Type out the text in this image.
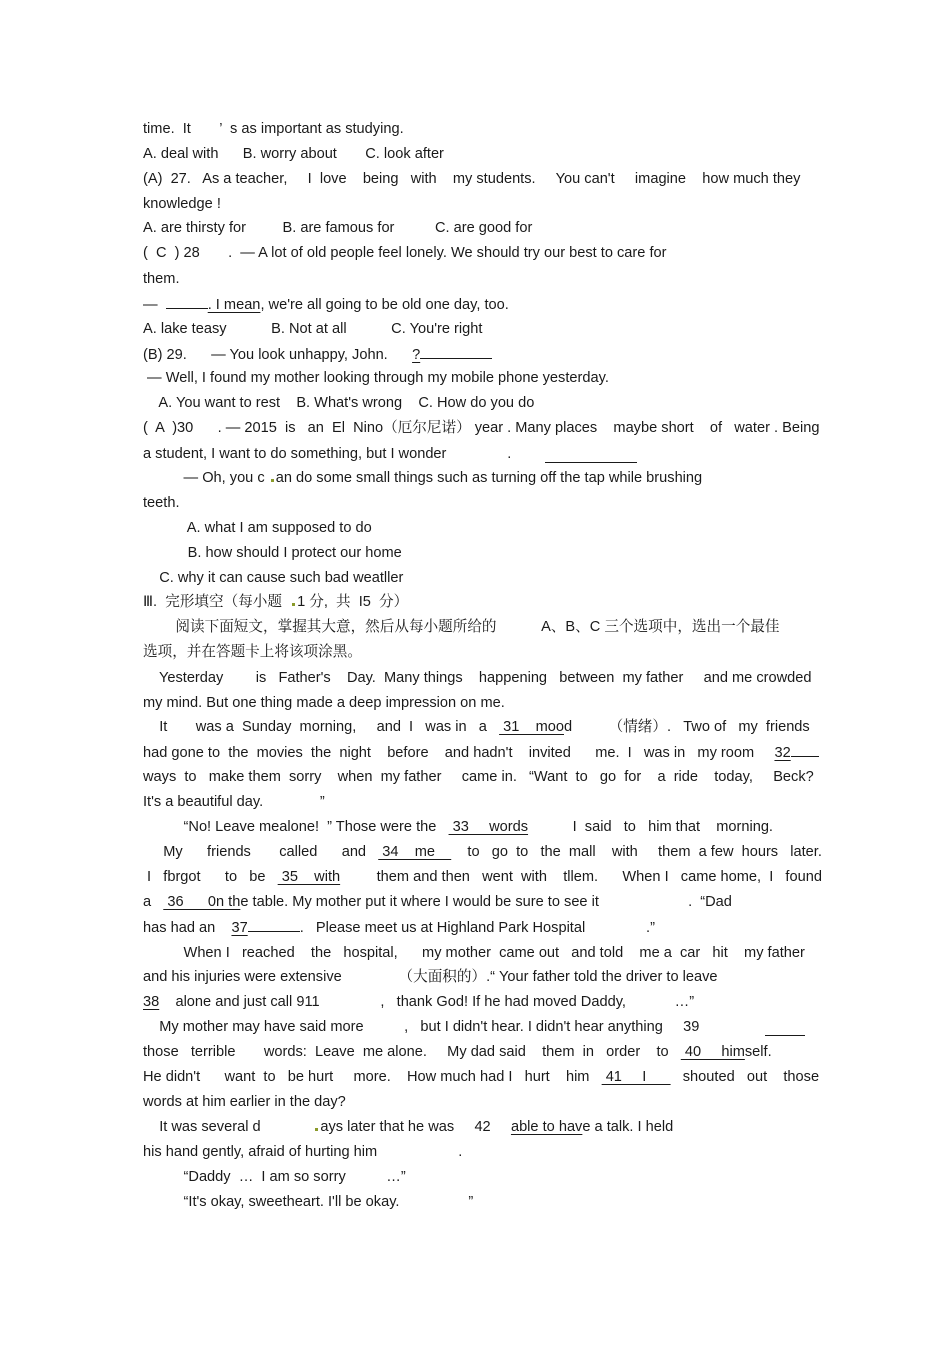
time.  It       ’  s as important as studying.
A. deal with      B. worry about       C. look after
(A)  27.   As a teacher,     I  love    being   with    my students.     You can't     imagine    how much they
knowledge !
A. are thirsty for         B. are famous for          C. are good for
(  C  ) 28       .  — A lot of old people feel lonely. We should try our best to care for
them.
—	. I mean, we're all going to be old one day, too.
A. lake teasy           B. Not at all           C. You're right
(B) 29.      — You look unhappy, John.      ?
— Well, I found my mother looking through my mobile phone yesterday.
A. You want to rest    B. What's wrong    C. How do you do
(  A  )30      . — 2015  is   an  El  Nino（厄尔尼诺） year . Many places    maybe short    of   water . Being
a student, I want to do something, but I wonder               .
— Oh, you c an do some small things such as turning off the tap while brushing
teeth.
A. what I am supposed to do
B. how should I protect our home
C. why it can cause such bad weatller
Ⅲ.  完形填空（每小题  1 分,  共  I5  分）
阅读下面短文，掌握其大意，然后从每小题所给的           A、B、C 三个选项中，选出一个最佳
选项，并在答题卡上将该项涂黑。
Yesterday        is   Father's    Day.  Many things    happening   between  my father     and me crowded
my mind. But one thing made a deep impression on me.
It       was a  Sunday  morning,     and  I   was in   a    31    mood         （情绪）.   Two of   my  friends
had gone to  the  movies  the  night    before    and hadn't    invited      me.  I   was in   my room     32
ways  to   make them  sorry    when  my father     came in.   “Want  to   go  for    a  ride    today,     Beck?
It's a beautiful day.              ”
“No! Leave mealone!  ” Those were the    33     words           I  said   to   him that    morning.
My      friends       called      and    34    me        to   go  to   the  mall    with     them  a few  hours   later.
I   fbrgot      to   be    35    with         them and then   went  with    tllem.      When I   came home,  I   found
a    36      0n the table. My mother put it where I would be sure to see it                      .  “Dad
has had an    37	.   Please meet us at Highland Park Hospital               .”
When I   reached    the   hospital,      my mother  came out   and told    me a  car   hit    my father
and his injuries were extensive              （大面积的）.“ Your father told the driver to leave
38    alone and just call 911               ,   thank God! If he had moved Daddy,            …”
My mother may have said more          ,   but I didn't hear. I didn't hear anything     39
those   terrible       words:  Leave  me alone.     My dad said    them  in   order    to    40     himself.
He didn't      want  to   be hurt     more.    How much had I   hurt    him    41     I         shouted   out    those
words at him earlier in the day?
It was several d             ays later that he was     42     able to have a talk. I held
his hand gently, afraid of hurting him                    .
“Daddy  …  I am so sorry          …”
“It's okay, sweetheart. I'll be okay.                 ”
